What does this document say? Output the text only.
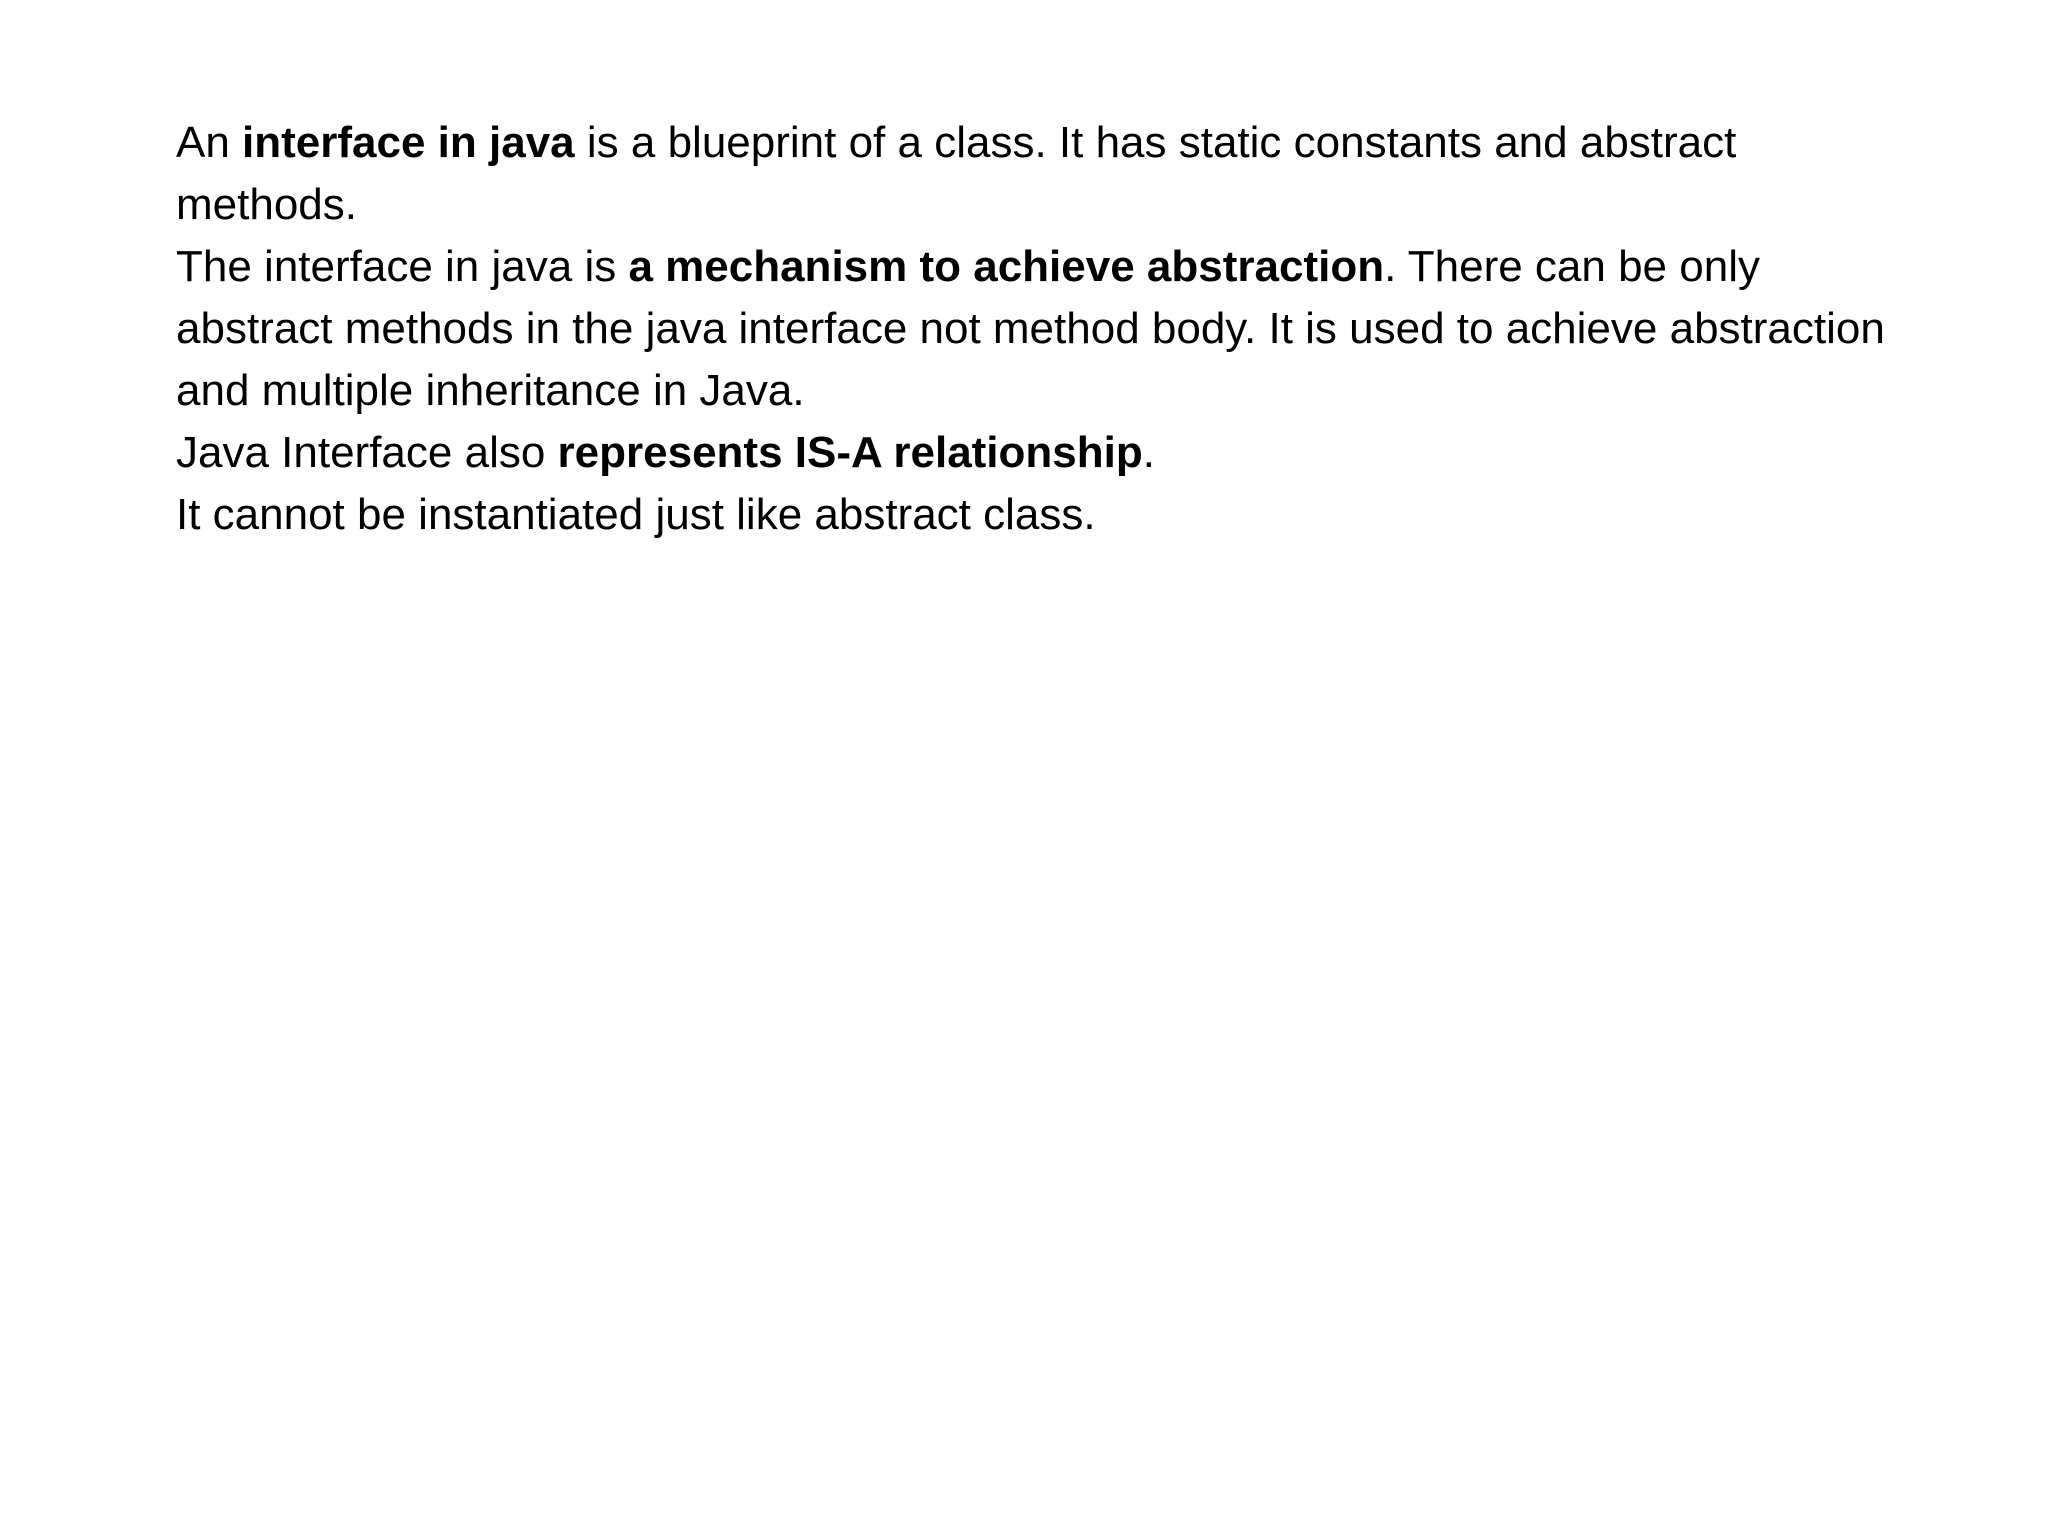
An interface in java is a blueprint of a class. It has static constants and abstract methods.

The interface in java is a mechanism to achieve abstraction. There can be only abstract methods in the java interface not method body. It is used to achieve abstraction and multiple inheritance in Java.

Java Interface also represents IS-A relationship.

It cannot be instantiated just like abstract class.
